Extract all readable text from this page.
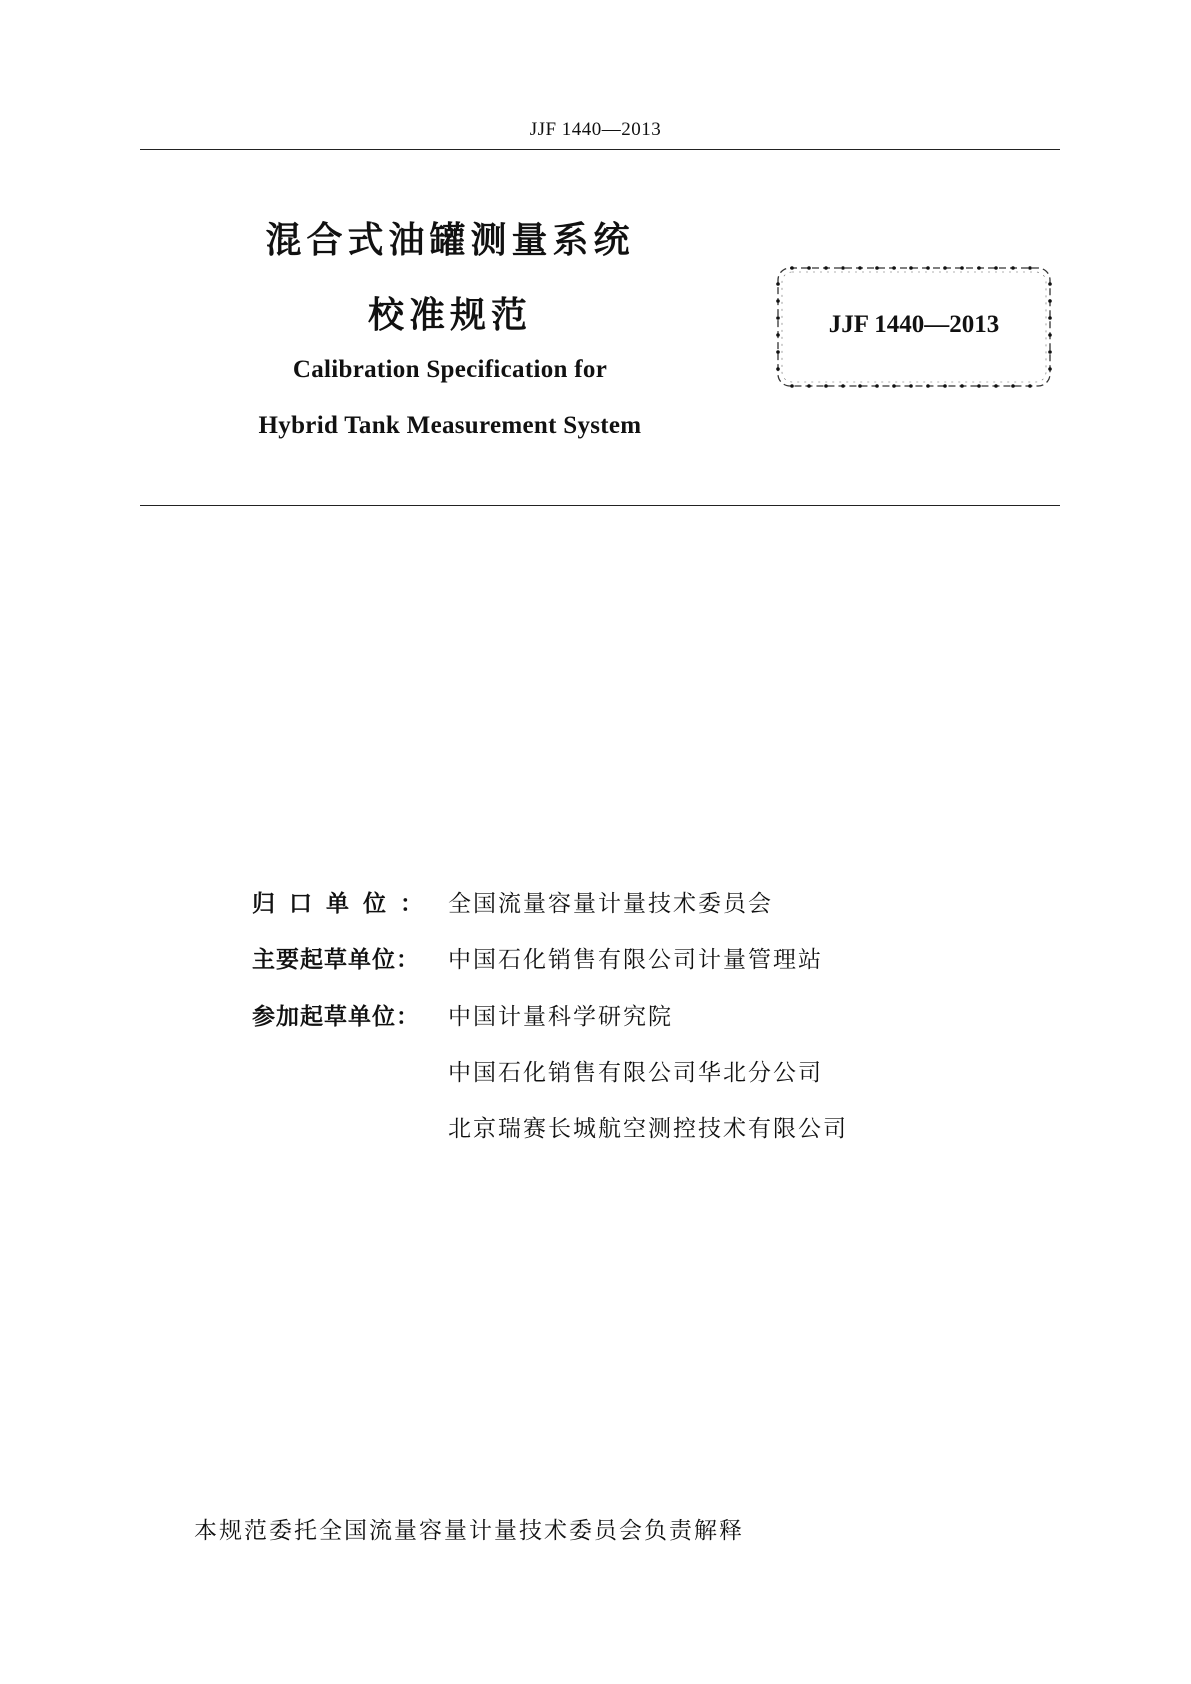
JJF 1440—2013
混合式油罐测量系统
校准规范
Calibration Specification for
Hybrid Tank Measurement System
JJF 1440—2013
归口单位： 全国流量容量计量技术委员会
主要起草单位： 中国石化销售有限公司计量管理站
参加起草单位： 中国计量科学研究院
中国石化销售有限公司华北分公司
北京瑞赛长城航空测控技术有限公司
本规范委托全国流量容量计量技术委员会负责解释
